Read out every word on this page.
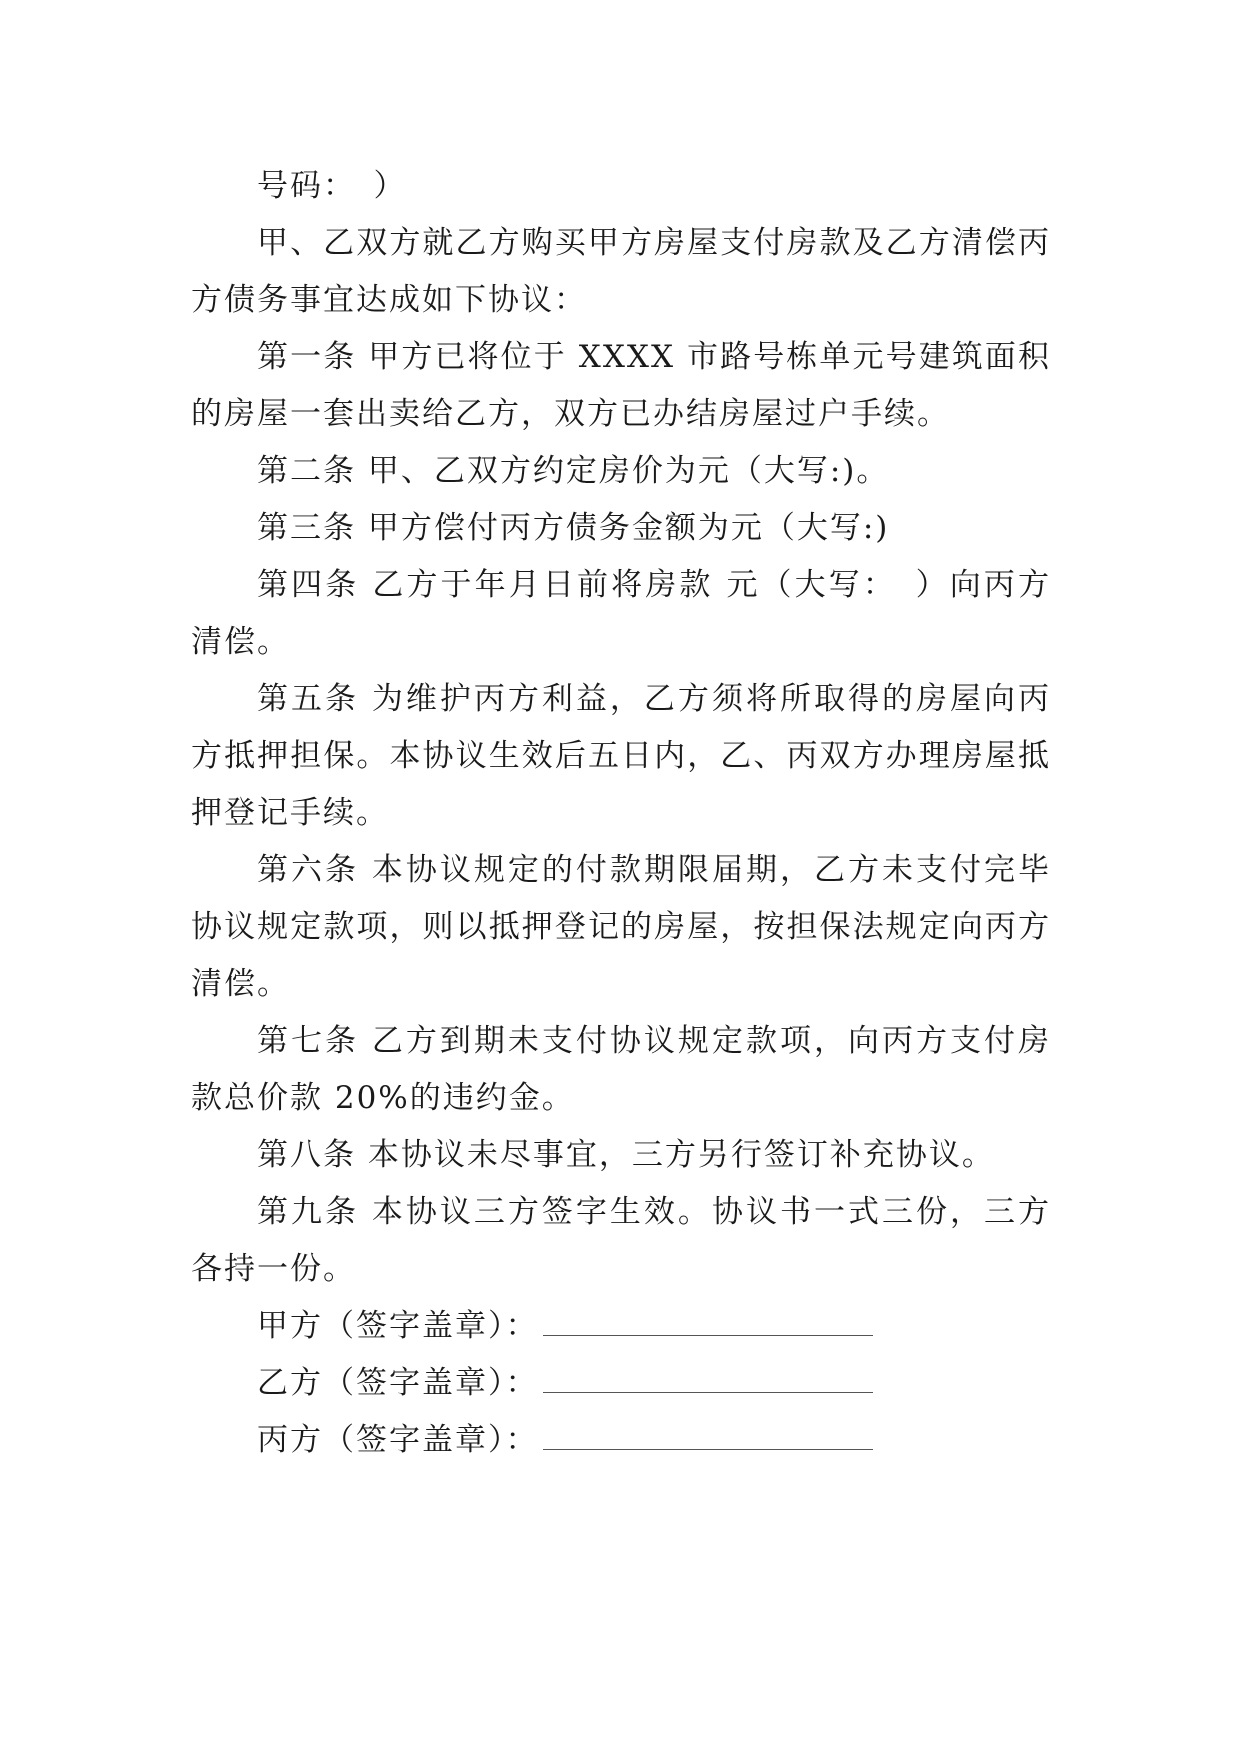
号码：　）

甲、乙双方就乙方购买甲方房屋支付房款及乙方清偿丙方债务事宜达成如下协议：

第一条 甲方已将位于 XXXX 市路号栋单元号建筑面积的房屋一套出卖给乙方，双方已办结房屋过户手续。

第二条 甲、乙双方约定房价为元（大写:)。

第三条 甲方偿付丙方债务金额为元（大写:)

第四条 乙方于年月日前将房款 元（大写：　）向丙方清偿。

第五条 为维护丙方利益，乙方须将所取得的房屋向丙方抵押担保。本协议生效后五日内，乙、丙双方办理房屋抵押登记手续。

第六条 本协议规定的付款期限届期，乙方未支付完毕协议规定款项，则以抵押登记的房屋，按担保法规定向丙方清偿。

第七条 乙方到期未支付协议规定款项，向丙方支付房款总价款 20%的违约金。

第八条 本协议未尽事宜，三方另行签订补充协议。

第九条 本协议三方签字生效。协议书一式三份，三方各持一份。

甲方（签字盖章）：

乙方（签字盖章）：

丙方（签字盖章）：
